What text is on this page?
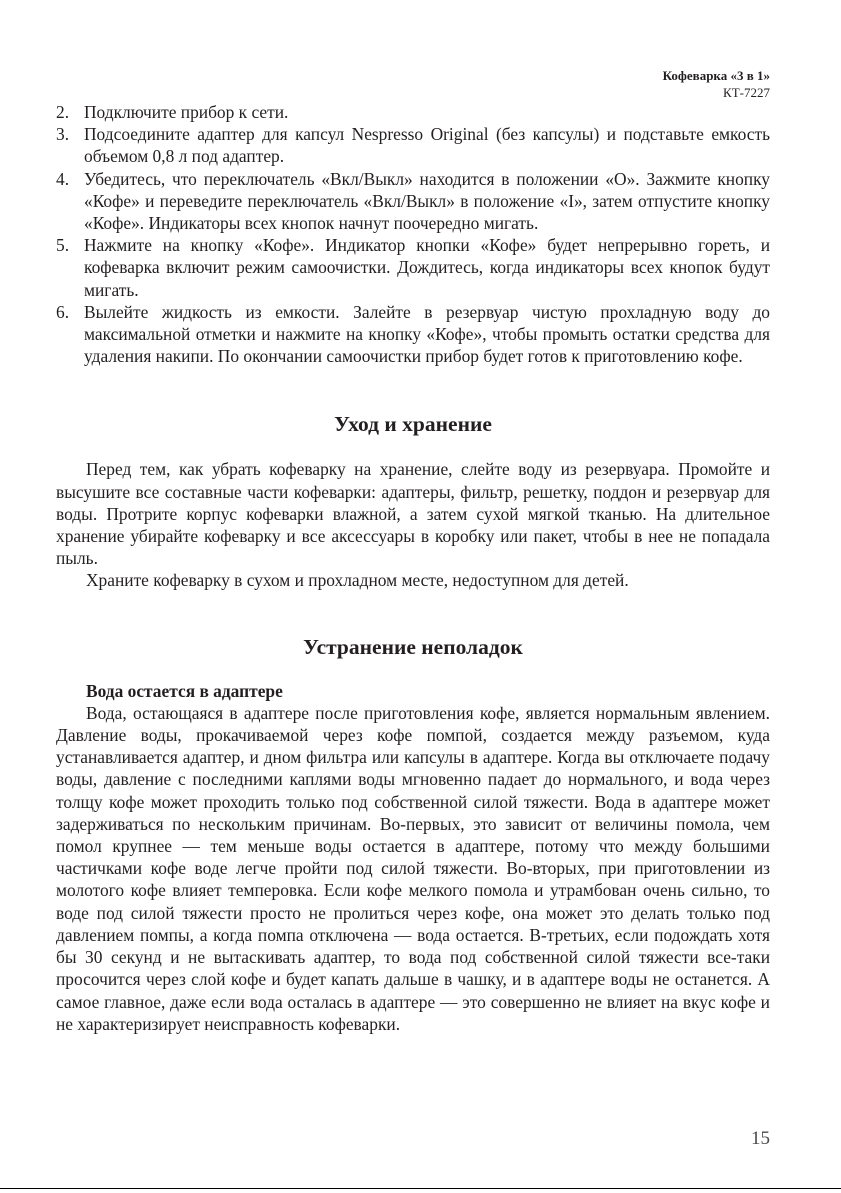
Кофеварка «3 в 1»
КТ-7227
2. Подключите прибор к сети.
3. Подсоедините адаптер для капсул Nespresso Original (без капсулы) и подставьте емкость объемом 0,8 л под адаптер.
4. Убедитесь, что переключатель «Вкл/Выкл» находится в положении «О». Зажмите кнопку «Кофе» и переведите переключатель «Вкл/Выкл» в положение «I», затем отпустите кнопку «Кофе». Индикаторы всех кнопок начнут поочередно мигать.
5. Нажмите на кнопку «Кофе». Индикатор кнопки «Кофе» будет непрерывно гореть, и кофеварка включит режим самоочистки. Дождитесь, когда индикаторы всех кнопок будут мигать.
6. Вылейте жидкость из емкости. Залейте в резервуар чистую прохладную воду до максимальной отметки и нажмите на кнопку «Кофе», чтобы промыть остатки средства для удаления накипи. По окончании самоочистки прибор будет готов к приготовлению кофе.
Уход и хранение

Перед тем, как убрать кофеварку на хранение, слейте воду из резервуара. Промойте и высушите все составные части кофеварки: адаптеры, фильтр, решетку, поддон и резервуар для воды. Протрите корпус кофеварки влажной, а затем сухой мягкой тканью. На длительное хранение убирайте кофеварку и все аксессуары в коробку или пакет, чтобы в нее не попадала пыль.

Храните кофеварку в сухом и прохладном месте, недоступном для детей.

Устранение неполадок
Вода остается в адаптере

Вода, остающаяся в адаптере после приготовления кофе, является нормальным явлением. Давление воды, прокачиваемой через кофе помпой, создается между разъемом, куда устанавливается адаптер, и дном фильтра или капсулы в адаптере. Когда вы отключаете подачу воды, давление с последними каплями воды мгновенно падает до нормального, и вода через толщу кофе может проходить только под собственной силой тяжести. Вода в адаптере может задерживаться по нескольким причинам. Во-первых, это зависит от величины помола, чем помол крупнее — тем меньше воды остается в адаптере, потому что между большими частичками кофе воде легче пройти под силой тяжести. Во-вторых, при приготовлении из молотого кофе влияет темперовка. Если кофе мелкого помола и утрамбован очень сильно, то воде под силой тяжести просто не пролиться через кофе, она может это делать только под давлением помпы, а когда помпа отключена — вода остается. В-третьих, если подождать хотя бы 30 секунд и не вытаскивать адаптер, то вода под собственной силой тяжести все-таки просочится через слой кофе и будет капать дальше в чашку, и в адаптере воды не останется. А самое главное, даже если вода осталась в адаптере — это совершенно не влияет на вкус кофе и не характеризирует неисправность кофеварки.

15
